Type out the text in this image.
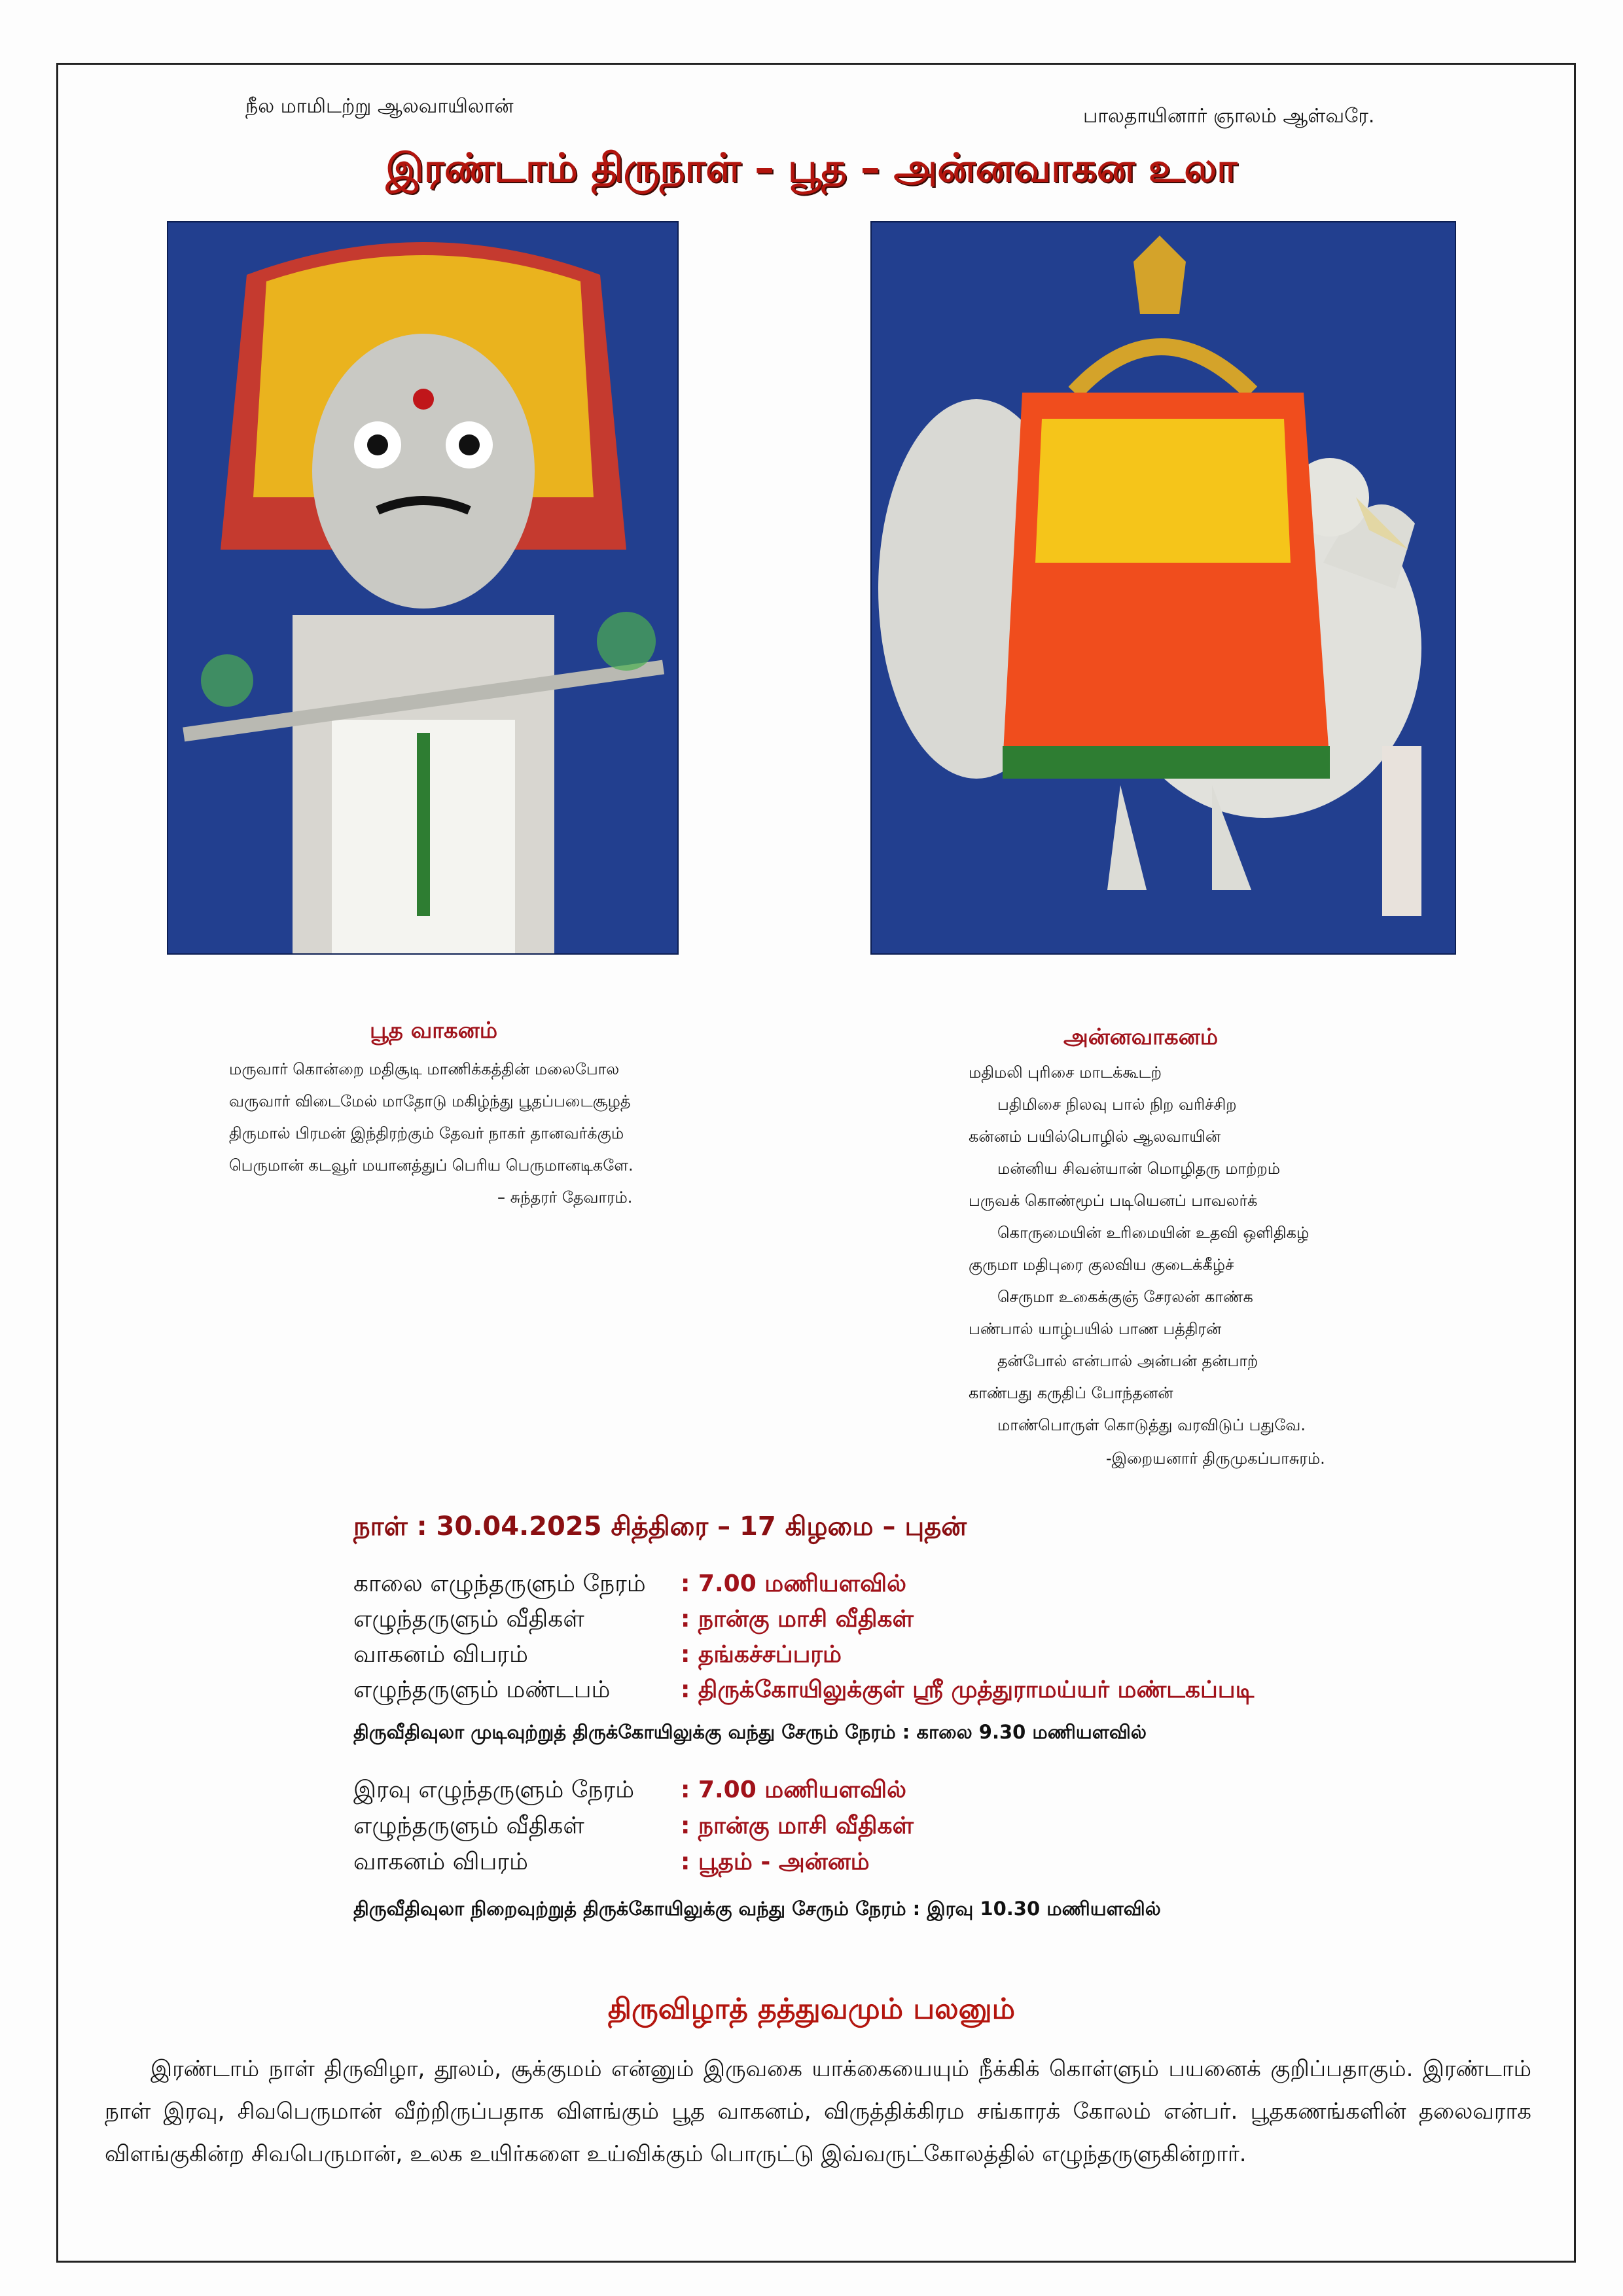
நீல மாமிடற்று ஆலவாயிலான்	பாலதாயினார் ஞாலம் ஆள்வரே.
இரண்டாம் திருநாள் – பூத – அன்னவாகன உலா
பூத வாகனம்
மருவார் கொன்றை மதிசூடி மாணிக்கத்தின் மலைபோல
வருவார் விடைமேல் மாதோடு மகிழ்ந்து பூதப்படைசூழத்
திருமால் பிரமன் இந்திரற்கும் தேவர் நாகர் தானவர்க்கும்
பெருமான் கடவூர் மயானத்துப் பெரிய பெருமானடிகளே.
– சுந்தரர் தேவாரம்.
அன்னவாகனம்
மதிமலி புரிசை மாடக்கூடற்
பதிமிசை நிலவு பால் நிற வரிச்சிற
கன்னம் பயில்பொழில் ஆலவாயின்
மன்னிய சிவன்யான் மொழிதரு மாற்றம்
பருவக் கொண்மூப் படியெனப் பாவலர்க்
கொருமையின் உரிமையின் உதவி ஒளிதிகழ்
குருமா மதிபுரை குலவிய குடைக்கீழ்ச்
செருமா உகைக்குஞ் சேரலன் காண்க
பண்பால் யாழ்பயில் பாண பத்திரன்
தன்போல் என்பால் அன்பன் தன்பாற்
காண்பது கருதிப் போந்தனன்
மாண்பொருள் கொடுத்து வரவிடுப் பதுவே.
-இறையனார் திருமுகப்பாசுரம்.
நாள் : 30.04.2025 சித்திரை – 17 கிழமை – புதன்
காலை எழுந்தருளும் நேரம் : 7.00 மணியளவில்
எழுந்தருளும் வீதிகள்	: நான்கு மாசி வீதிகள்
வாகனம் விபரம்	: தங்கச்சப்பரம்
எழுந்தருளும் மண்டபம்	: திருக்கோயிலுக்குள் ஸ்ரீ முத்துராமய்யர் மண்டகப்படி
திருவீதிவுலா முடிவுற்றுத் திருக்கோயிலுக்கு வந்து சேரும் நேரம் : காலை 9.30 மணியளவில்
இரவு எழுந்தருளும் நேரம் : 7.00 மணியளவில்
எழுந்தருளும் வீதிகள்	: நான்கு மாசி வீதிகள்
வாகனம் விபரம்	: பூதம் - அன்னம்
திருவீதிவுலா நிறைவுற்றுத் திருக்கோயிலுக்கு வந்து சேரும் நேரம் : இரவு 10.30 மணியளவில்
திருவிழாத் தத்துவமும் பலனும்
இரண்டாம் நாள் திருவிழா, தூலம், சூக்குமம் என்னும் இருவகை யாக்கையையும் நீக்கிக் கொள்ளும் பயனைக் குறிப்பதாகும். இரண்டாம் நாள் இரவு, சிவபெருமான் வீற்றிருப்பதாக விளங்கும் பூத வாகனம், விருத்திக்கிரம சங்காரக் கோலம் என்பர். பூதகணங்களின் தலைவராக விளங்குகின்ற சிவபெருமான், உலக உயிர்களை உய்விக்கும் பொருட்டு இவ்வருட்கோலத்தில் எழுந்தருளுகின்றார்.
